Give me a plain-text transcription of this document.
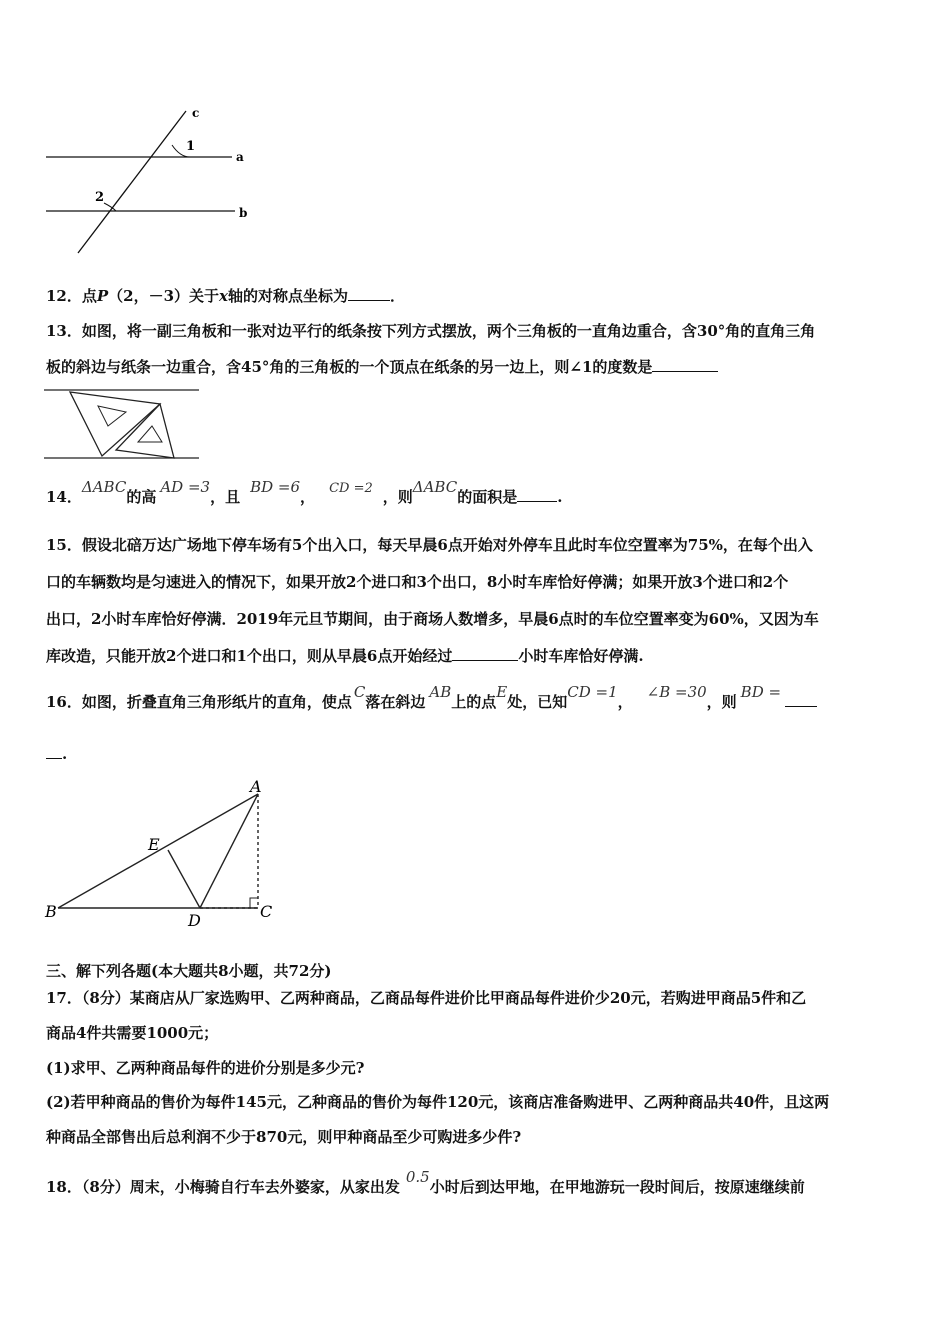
c
1
a
2
b
12．点P（2，－3）关于x轴的对称点坐标为	．
13．如图，将一副三角板和一张对边平行的纸条按下列方式摆放，两个三角板的一直角边重合，含30°角的直角三角
板的斜边与纸条一边重合，含45°角的三角板的一个顶点在纸条的另一边上，则∠1的度数是
14．ΔABC的高AD =3，且BD =6， CD =2 ，则ΔABC的面积是	.
15．假设北碚万达广场地下停车场有5个出入口，每天早晨6点开始对外停车且此时车位空置率为75%，在每个出入
口的车辆数均是匀速进入的情况下，如果开放2个进口和3个出口，8小时车库恰好停满；如果开放3个进口和2个
出口，2小时车库恰好停满．2019年元旦节期间，由于商场人数增多，早晨6点时的车位空置率变为60%，又因为车
库改造，只能开放2个进口和1个出口，则从早晨6点开始经过	小时车库恰好停满.
16．如图，折叠直角三角形纸片的直角，使点C落在斜边AB上的点E处，已知CD =1，∠B =30，则BD =
.
A
E
B	D	C
三、解下列各题(本大题共8小题，共72分)
17．（8分）某商店从厂家选购甲、乙两种商品，乙商品每件进价比甲商品每件进价少20元，若购进甲商品5件和乙
商品4件共需要1000元；
(1)求甲、乙两种商品每件的进价分别是多少元?
(2)若甲种商品的售价为每件145元，乙种商品的售价为每件120元，该商店准备购进甲、乙两种商品共40件，且这两
种商品全部售出后总利润不少于870元，则甲种商品至少可购进多少件?
18．（8分）周末，小梅骑自行车去外婆家，从家出发0.5小时后到达甲地，在甲地游玩一段时间后，按原速继续前
